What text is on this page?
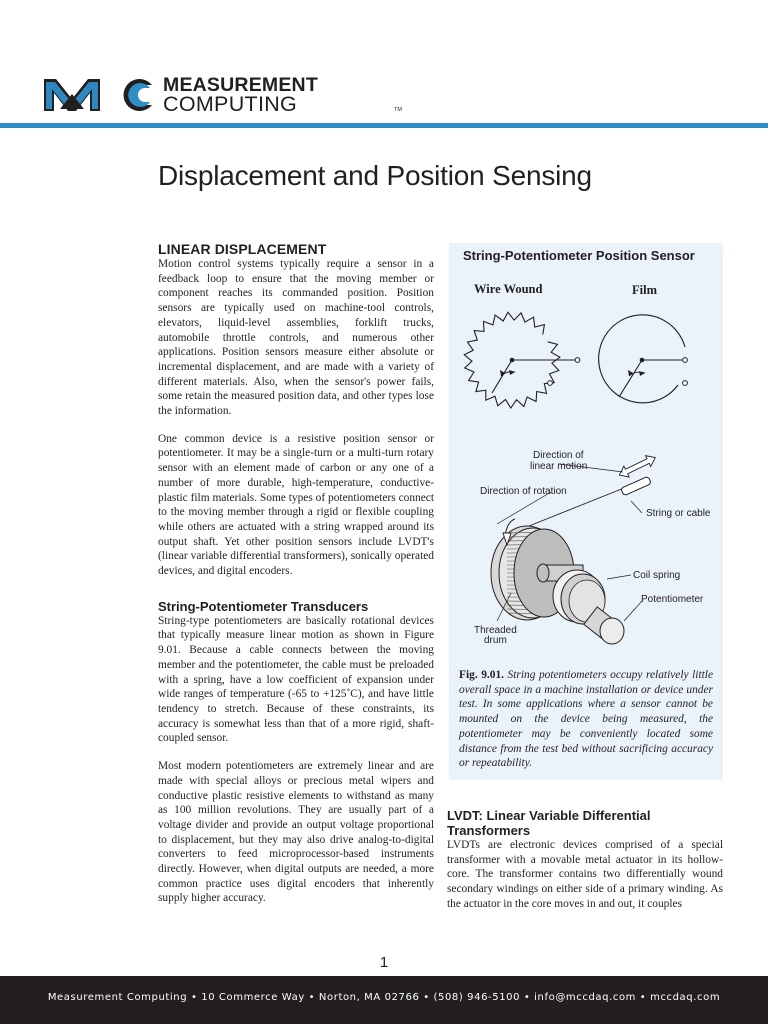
MEASUREMENT
COMPUTING	TM
Displacement and Position Sensing
LINEAR DISPLACEMENT

Motion control systems typically require a sensor in a feedback loop to ensure that the moving member or component reaches its commanded position. Position sensors are typically used on machine-tool controls, elevators, liquid-level assemblies, forklift trucks, automobile throttle controls, and numerous other applications. Position sensors measure either absolute or incremental displacement, and are made with a variety of different materials. Also, when the sensor's power fails, some retain the measured position data, and other types lose the information.

One common device is a resistive position sensor or potentiometer. It may be a single-turn or a multi-turn rotary sensor with an element made of carbon or any one of a number of more durable, high-temperature, conductive-plastic film materials. Some types of potentiometers connect to the moving member through a rigid or flexible coupling while others are actuated with a string wrapped around its output shaft. Yet other position sensors include LVDT's (linear variable differential transformers), sonically operated devices, and digital encoders.

String-Potentiometer Transducers

String-type potentiometers are basically rotational devices that typically measure linear motion as shown in Figure 9.01. Because a cable connects between the moving member and the potentiometer, the cable must be preloaded with a spring, have a low coefficient of expansion under wide ranges of temperature (-65 to +125˚C), and have little tendency to stretch. Because of these constraints, its accuracy is somewhat less than that of a more rigid, shaft-coupled sensor.

Most modern potentiometers are extremely linear and are made with special alloys or precious metal wipers and conductive plastic resistive elements to withstand as many as 100 million revolutions. They are usually part of a voltage divider and provide an output voltage proportional to displacement, but they may also drive analog-to-digital converters to feed microprocessor-based instruments directly. However, when digital outputs are needed, a more common practice uses digital encoders that inherently supply higher accuracy.

String-Potentiometer Position Sensor
Wire Wound	Film
Direction of
linear motion
Direction of rotation
String or cable
Coil spring
Potentiometer
Threaded
drum

Fig. 9.01. String potentiometers occupy relatively little overall space in a machine installation or device under test. In some applications where a sensor cannot be mounted on the device being measured, the potentiometer may be conveniently located some distance from the test bed without sacrificing accuracy or repeatability.

LVDT: Linear Variable Differential Transformers

LVDTs are electronic devices comprised of a special transformer with a movable metal actuator in its hollow-core. The transformer contains two differentially wound secondary windings on either side of a primary winding. As the actuator in the core moves in and out, it couples

1
Measurement Computing • 10 Commerce Way • Norton, MA 02766 • (508) 946-5100 • info@mccdaq.com • mccdaq.com
